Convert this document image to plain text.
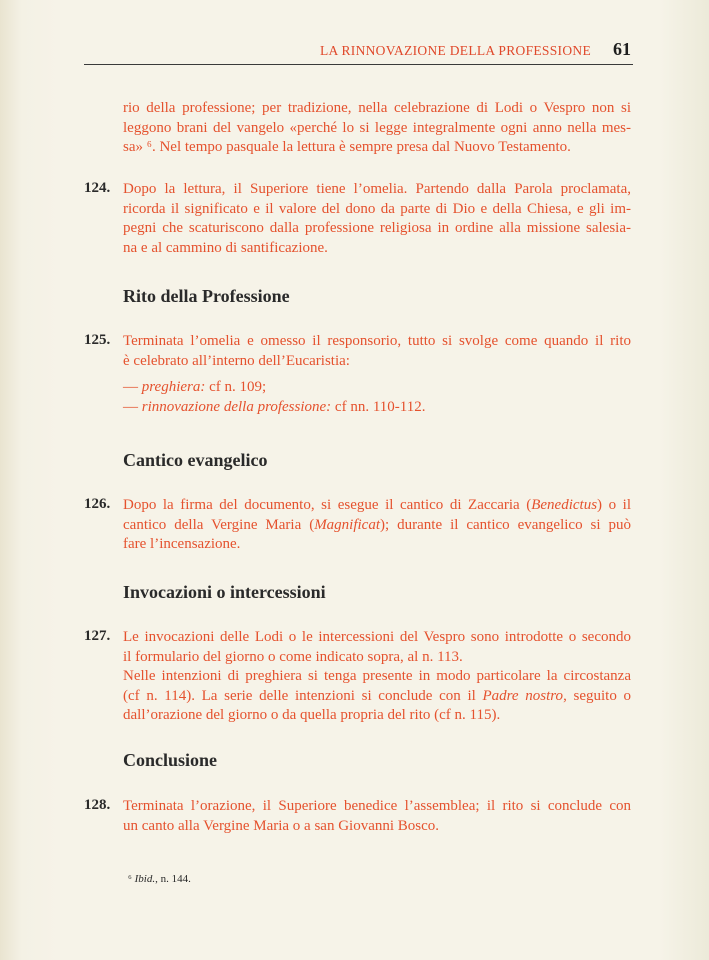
LA RINNOVAZIONE DELLA PROFESSIONE 61
rio della professione; per tradizione, nella celebrazione di Lodi o Vespro non si
leggono brani del vangelo «perché lo si legge integralmente ogni anno nella mes-
sa» ⁶. Nel tempo pasquale la lettura è sempre presa dal Nuovo Testamento.
124. Dopo la lettura, il Superiore tiene l’omelia. Partendo dalla Parola proclamata,
ricorda il significato e il valore del dono da parte di Dio e della Chiesa, e gli im-
pegni che scaturiscono dalla professione religiosa in ordine alla missione salesia-
na e al cammino di santificazione.
Rito della Professione
125. Terminata l’omelia e omesso il responsorio, tutto si svolge come quando il rito
è celebrato all’interno dell’Eucaristia:
— preghiera: cf n. 109;
— rinnovazione della professione: cf nn. 110-112.
Cantico evangelico
126. Dopo la firma del documento, si esegue il cantico di Zaccaria (Benedictus) o il
cantico della Vergine Maria (Magnificat); durante il cantico evangelico si può
fare l’incensazione.
Invocazioni o intercessioni
127. Le invocazioni delle Lodi o le intercessioni del Vespro sono introdotte o secondo
il formulario del giorno o come indicato sopra, al n. 113.
Nelle intenzioni di preghiera si tenga presente in modo particolare la circostanza
(cf n. 114). La serie delle intenzioni si conclude con il Padre nostro, seguito o
dall’orazione del giorno o da quella propria del rito (cf n. 115).
Conclusione
128. Terminata l’orazione, il Superiore benedice l’assemblea; il rito si conclude con
un canto alla Vergine Maria o a san Giovanni Bosco.
⁶ Ibid., n. 144.
